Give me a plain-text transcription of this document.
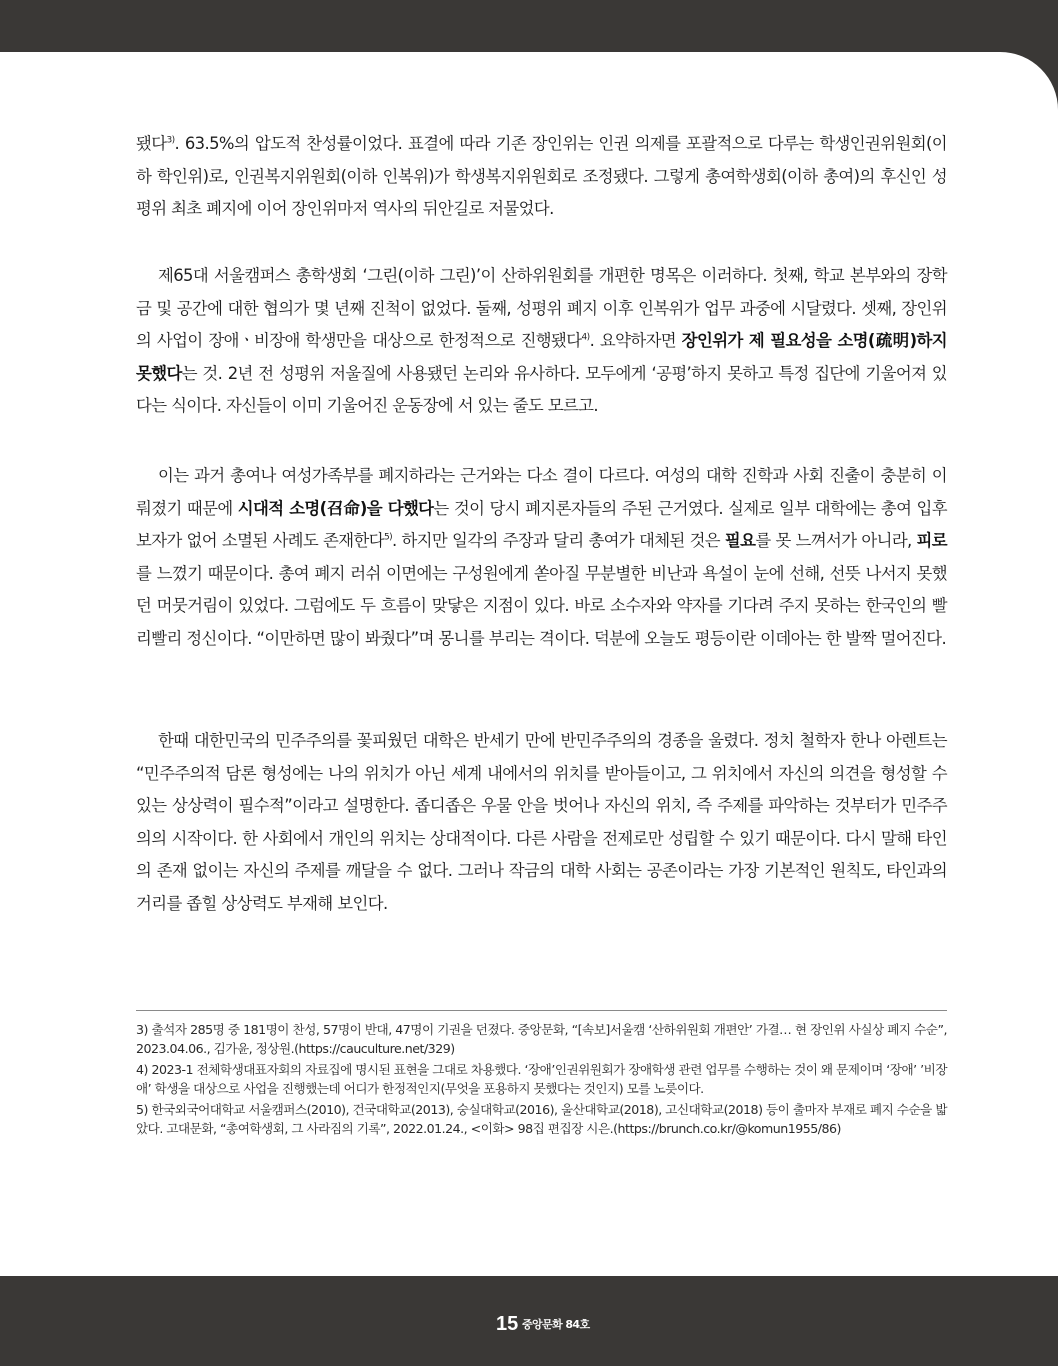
됐다$^{3)}$. 63.5%의 압도적 찬성률이었다. 표결에 따라 기존 장인위는 인권 의제를 포괄적으로 다루는 학생인권위원회(이하 학인위)로, 인권복지위원회(이하 인복위)가 학생복지위원회로 조정됐다. 그렇게 총여학생회(이하 총여)의 후신인 성평위 최초 폐지에 이어 장인위마저 역사의 뒤안길로 저물었다.

제65대 서울캠퍼스 총학생회 ‘그린(이하 그린)’이 산하위원회를 개편한 명목은 이러하다. 첫째, 학교 본부와의 장학금 및 공간에 대한 협의가 몇 년째 진척이 없었다. 둘째, 성평위 폐지 이후 인복위가 업무 과중에 시달렸다. 셋째, 장인위의 사업이 장애ㆍ비장애 학생만을 대상으로 한정적으로 진행됐다$^{4)}$. 요약하자면 장인위가 제 필요성을 소명(疏明)하지 못했다는 것. 2년 전 성평위 저울질에 사용됐던 논리와 유사하다. 모두에게 ‘공평’하지 못하고 특정 집단에 기울어져 있다는 식이다. 자신들이 이미 기울어진 운동장에 서 있는 줄도 모르고.

이는 과거 총여나 여성가족부를 폐지하라는 근거와는 다소 결이 다르다. 여성의 대학 진학과 사회 진출이 충분히 이뤄졌기 때문에 시대적 소명(召命)을 다했다는 것이 당시 폐지론자들의 주된 근거였다. 실제로 일부 대학에는 총여 입후보자가 없어 소멸된 사례도 존재한다$^{5)}$. 하지만 일각의 주장과 달리 총여가 대체된 것은 필요를 못 느껴서가 아니라, 피로를 느꼈기 때문이다. 총여 폐지 러쉬 이면에는 구성원에게 쏟아질 무분별한 비난과 욕설이 눈에 선해, 선뜻 나서지 못했던 머뭇거림이 있었다. 그럼에도 두 흐름이 맞닿은 지점이 있다. 바로 소수자와 약자를 기다려 주지 못하는 한국인의 빨리빨리 정신이다. “이만하면 많이 봐줬다”며 몽니를 부리는 격이다. 덕분에 오늘도 평등이란 이데아는 한 발짝 멀어진다.

한때 대한민국의 민주주의를 꽃피웠던 대학은 반세기 만에 반민주주의의 경종을 울렸다. 정치 철학자 한나 아렌트는 “민주주의적 담론 형성에는 나의 위치가 아닌 세계 내에서의 위치를 받아들이고, 그 위치에서 자신의 의견을 형성할 수 있는 상상력이 필수적”이라고 설명한다. 좁디좁은 우물 안을 벗어나 자신의 위치, 즉 주제를 파악하는 것부터가 민주주의의 시작이다. 한 사회에서 개인의 위치는 상대적이다. 다른 사람을 전제로만 성립할 수 있기 때문이다. 다시 말해 타인의 존재 없이는 자신의 주제를 깨달을 수 없다. 그러나 작금의 대학 사회는 공존이라는 가장 기본적인 원칙도, 타인과의 거리를 좁힐 상상력도 부재해 보인다.

3) 출석자 285명 중 181명이 찬성, 57명이 반대, 47명이 기권을 던졌다. 중앙문화, “[속보]서울캠 ‘산하위원회 개편안’ 가결… 현 장인위 사실상 폐지 수순”, 2023.04.06., 김가윤, 정상원.(https://cauculture.net/329)

4) 2023-1 전체학생대표자회의 자료집에 명시된 표현을 그대로 차용했다. ‘장애’인권위원회가 장애학생 관련 업무를 수행하는 것이 왜 문제이며 ‘장애’ ’비장애’ 학생을 대상으로 사업을 진행했는데 어디가 한정적인지(무엇을 포용하지 못했다는 것인지) 모를 노릇이다.

5) 한국외국어대학교 서울캠퍼스(2010), 건국대학교(2013), 숭실대학교(2016), 울산대학교(2018), 고신대학교(2018) 등이 출마자 부재로 폐지 수순을 밟았다. 고대문화, “총여학생회, 그 사라짐의 기록”, 2022.01.24., <이화> 98집 편집장 시은.(https://brunch.co.kr/@komun1955/86)

15 중앙문화 84호
